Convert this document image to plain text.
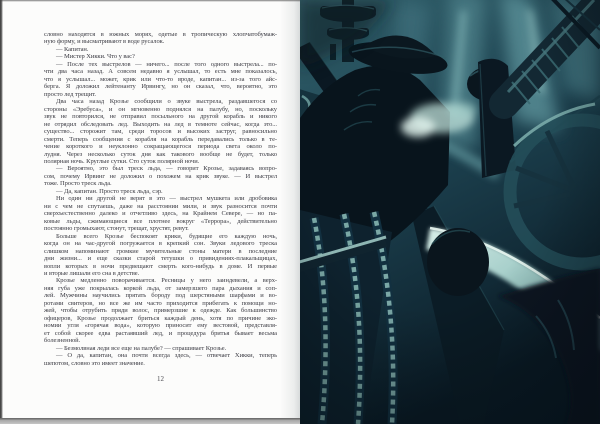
словно находятся в южных морях, одетые в тропическую хлопчатобумаж-
ную форму, и высматривают в воде русалок.
— Капитан.
— Мистер Хикки. Что у вас?
— После тех выстрелов — ничего... после того одного выстрела... по-
чти два часа назад. А совсем недавно я услышал, то есть мне показалось,
что я услышал... может, крик или что-то вроде, капитан... из-за того айс-
берга. Я доложил лейтенанту Ирвингу, но он сказал, что, вероятно, это
просто лед трещит.
Два часа назад Крозье сообщили о звуке выстрела, раздавшегося со
стороны «Эребуса», и он мгновенно поднялся на палубу, но, поскольку
звук не повторился, не отправил посыльного на другой корабль и никого
не отрядил обследовать лед. Выходить на лед в темноте сейчас, когда это...
существо... сторожит там, среди торосов и высоких заструг, равносильно
смерти. Теперь сообщения с корабля на корабль передавались только в те-
чение короткого и неуклонно сокращающегося периода света около по-
лудня. Через несколько суток дня как такового вообще не будет, только
полярная ночь. Круглые сутки. Сто суток полярной ночи.
— Вероятно, это был треск льда, — говорит Крозье, задаваясь вопро-
сом, почему Ирвинг не доложил о похожем на крик звуке. — И выстрел
тоже. Просто треск льда.
— Да, капитан. Просто треск льда, сэр.
Ни один ни другой не верят в это — выстрел мушкета или дробовика
ни с чем не спутаешь, даже на расстоянии мили, и звук разносится почти
сверхъестественно далеко и отчетливо здесь, на Крайнем Севере, — но па-
ковые льды, сжимающиеся все плотнее вокруг «Террора», действительно
постоянно громыхают, стонут, трещат, хрустят, ревут.
Больше всего Крозье беспокоят крики, будящие его каждую ночь,
когда он на час-другой погружается в крепкий сон. Звуки ледового треска
слишком напоминают громкие мучительные стоны матери в последние
дни жизни... и еще сказки старой тетушки о привидениях-плакальщицах,
вопли которых в ночи предвещают смерть кого-нибудь в доме. И первые
и вторые лишали его сна в детстве.
Крозье медленно поворачивается. Ресницы у него заиндевели, а верх-
няя губа уже покрылась коркой льда, от замерзшего пара дыхания и соп-
лей. Мужчины научились прятать бороду под шерстяными шарфами и во-
ротами свитеров, но все же им часто приходится прибегать к помощи но-
жей, чтобы отрубить пряди волос, примерзшие к одежде. Как большинство
офицеров, Крозье продолжает бриться каждый день, хотя по причине эко-
номии угля «горячая вода», которую приносит ему вестовой, представля-
ет собой скорее едва растаявший лед, и процедура бритья бывает весьма
болезненной.
— Безмолвная леди все еще на палубе? — спрашивает Крозье.
— О да, капитан, она почти всегда здесь, — отвечает Хикки, теперь
шепотом, словно это имеет значение.
12
